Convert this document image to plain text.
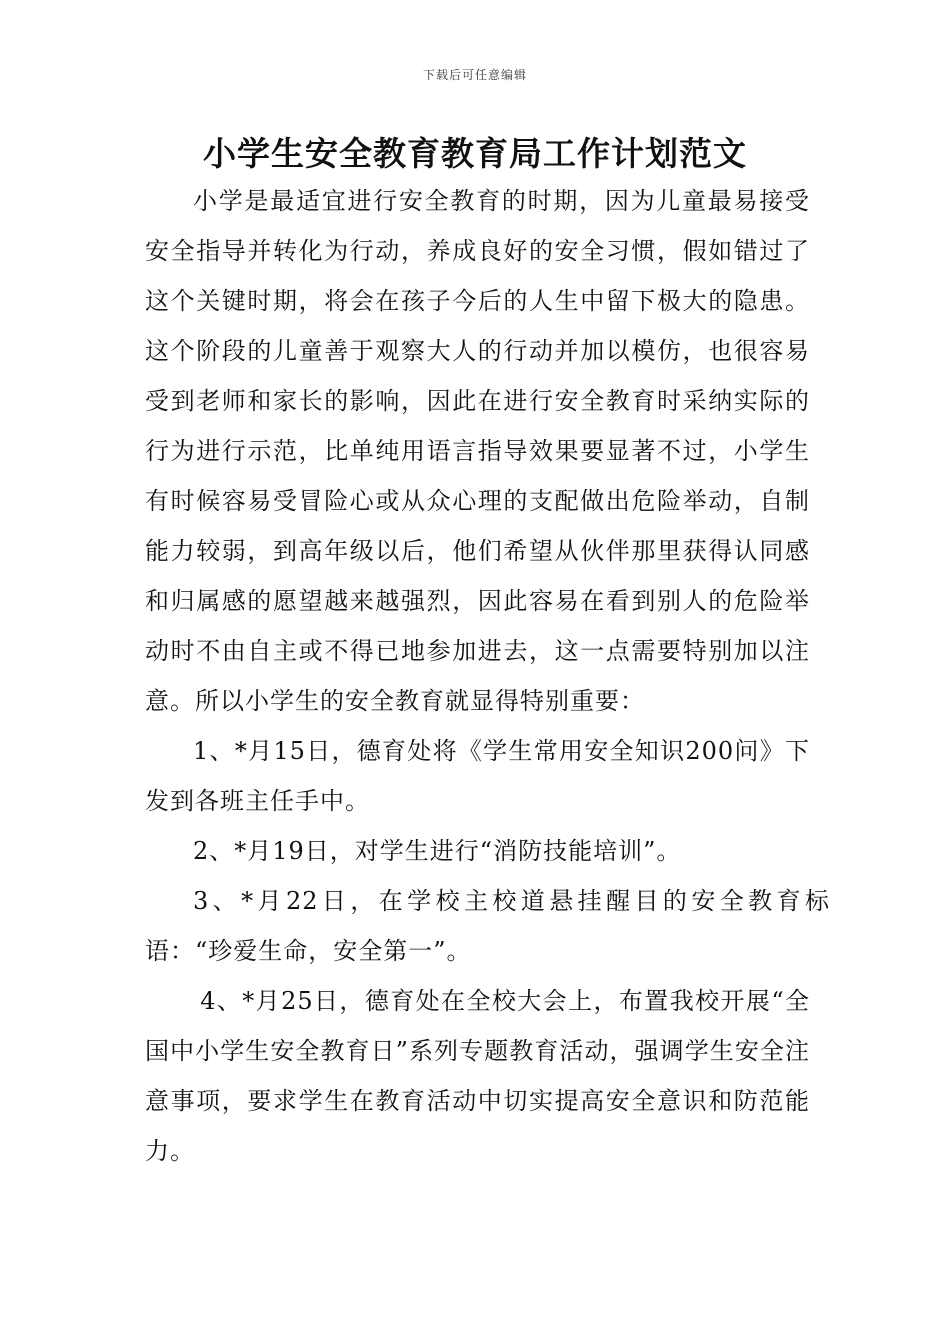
下载后可任意编辑
小学生安全教育教育局工作计划范文

小学是最适宜进行安全教育的时期，因为儿童最易接受安全指导并转化为行动，养成良好的安全习惯，假如错过了这个关键时期，将会在孩子今后的人生中留下极大的隐患。这个阶段的儿童善于观察大人的行动并加以模仿，也很容易受到老师和家长的影响，因此在进行安全教育时采纳实际的行为进行示范，比单纯用语言指导效果要显著不过，小学生有时候容易受冒险心或从众心理的支配做出危险举动，自制能力较弱，到高年级以后，他们希望从伙伴那里获得认同感和归属感的愿望越来越强烈，因此容易在看到别人的危险举动时不由自主或不得已地参加进去，这一点需要特别加以注意。所以小学生的安全教育就显得特别重要：

1、*月15日，德育处将《学生常用安全知识200问》下发到各班主任手中。

2、*月19日，对学生进行“消防技能培训”。

3、*月22日，在学校主校道悬挂醒目的安全教育标语：“珍爱生命，安全第一”。

4、*月25日，德育处在全校大会上，布置我校开展“全国中小学生安全教育日”系列专题教育活动，强调学生安全注意事项，要求学生在教育活动中切实提高安全意识和防范能力。
